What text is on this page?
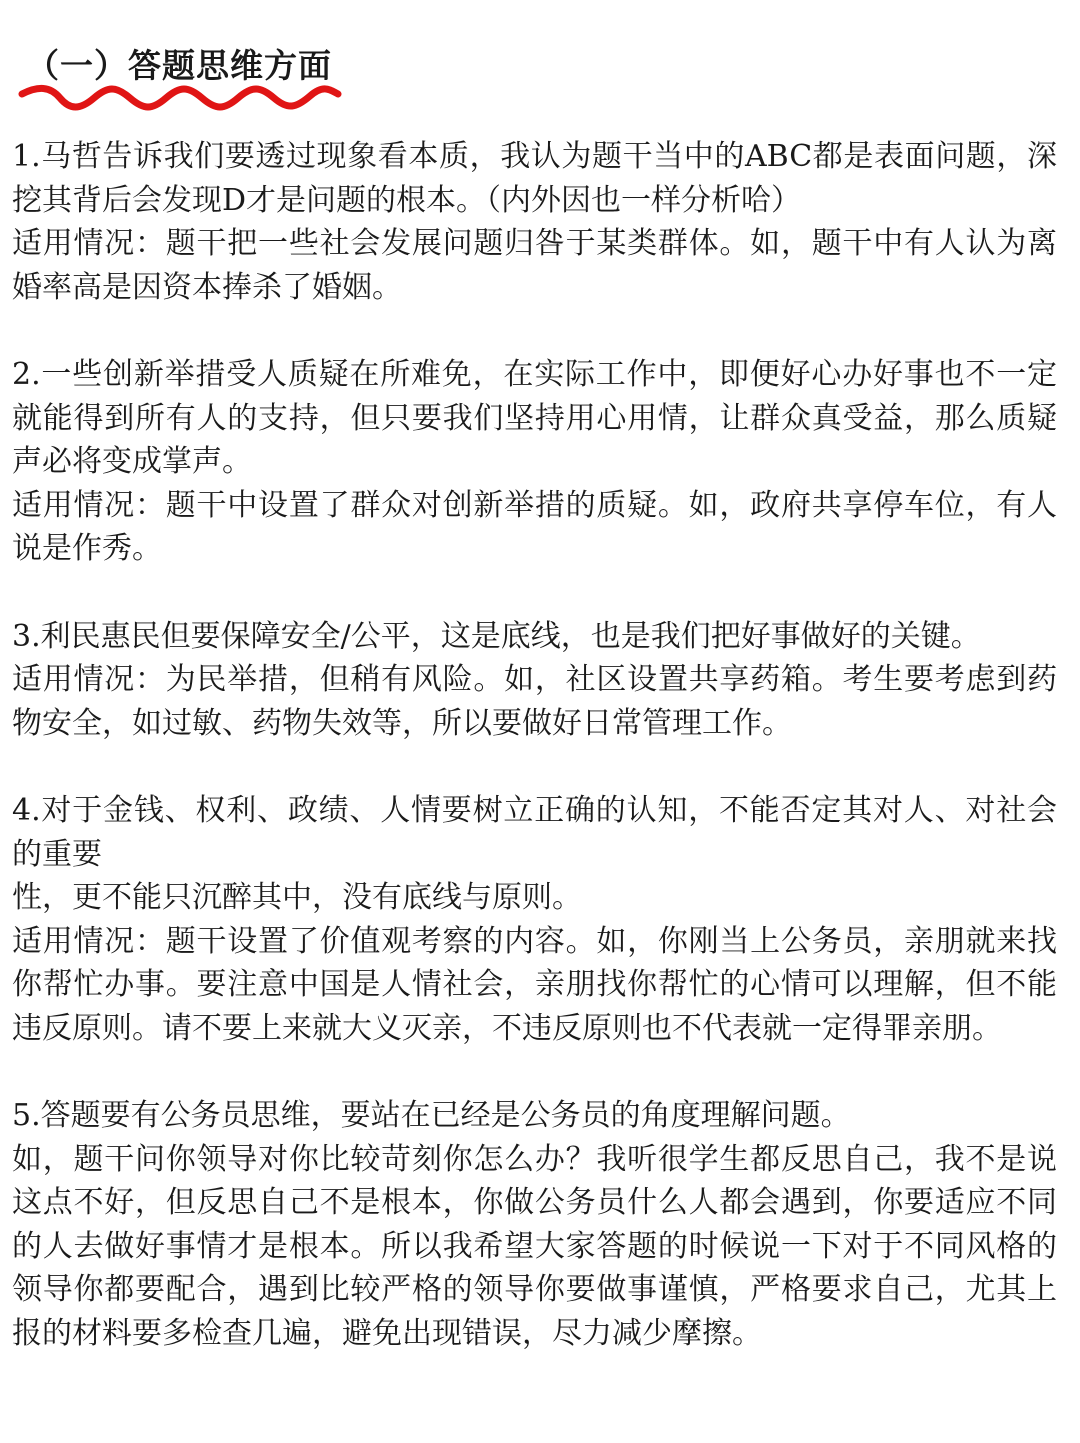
（一）答题思维方面

1.马哲告诉我们要透过现象看本质，我认为题干当中的ABC都是表面问题，深挖其背后会发现D才是问题的根本。（内外因也一样分析哈）

适用情况：题干把一些社会发展问题归咎于某类群体。如，题干中有人认为离婚率高是因资本捧杀了婚姻。

2.一些创新举措受人质疑在所难免，在实际工作中，即便好心办好事也不一定就能得到所有人的支持，但只要我们坚持用心用情，让群众真受益，那么质疑声必将变成掌声。

适用情况：题干中设置了群众对创新举措的质疑。如，政府共享停车位，有人说是作秀。

3.利民惠民但要保障安全/公平，这是底线，也是我们把好事做好的关键。

适用情况：为民举措，但稍有风险。如，社区设置共享药箱。考生要考虑到药物安全，如过敏、药物失效等，所以要做好日常管理工作。

4.对于金钱、权利、政绩、人情要树立正确的认知，不能否定其对人、对社会的重要

性，更不能只沉醉其中，没有底线与原则。

适用情况：题干设置了价值观考察的内容。如，你刚当上公务员，亲朋就来找你帮忙办事。要注意中国是人情社会，亲朋找你帮忙的心情可以理解，但不能违反原则。请不要上来就大义灭亲，不违反原则也不代表就一定得罪亲朋。

5.答题要有公务员思维，要站在已经是公务员的角度理解问题。

如，题干问你领导对你比较苛刻你怎么办？我听很学生都反思自己，我不是说这点不好，但反思自己不是根本，你做公务员什么人都会遇到，你要适应不同的人去做好事情才是根本。所以我希望大家答题的时候说一下对于不同风格的领导你都要配合，遇到比较严格的领导你要做事谨慎，严格要求自己，尤其上报的材料要多检查几遍，避免出现错误，尽力减少摩擦。
